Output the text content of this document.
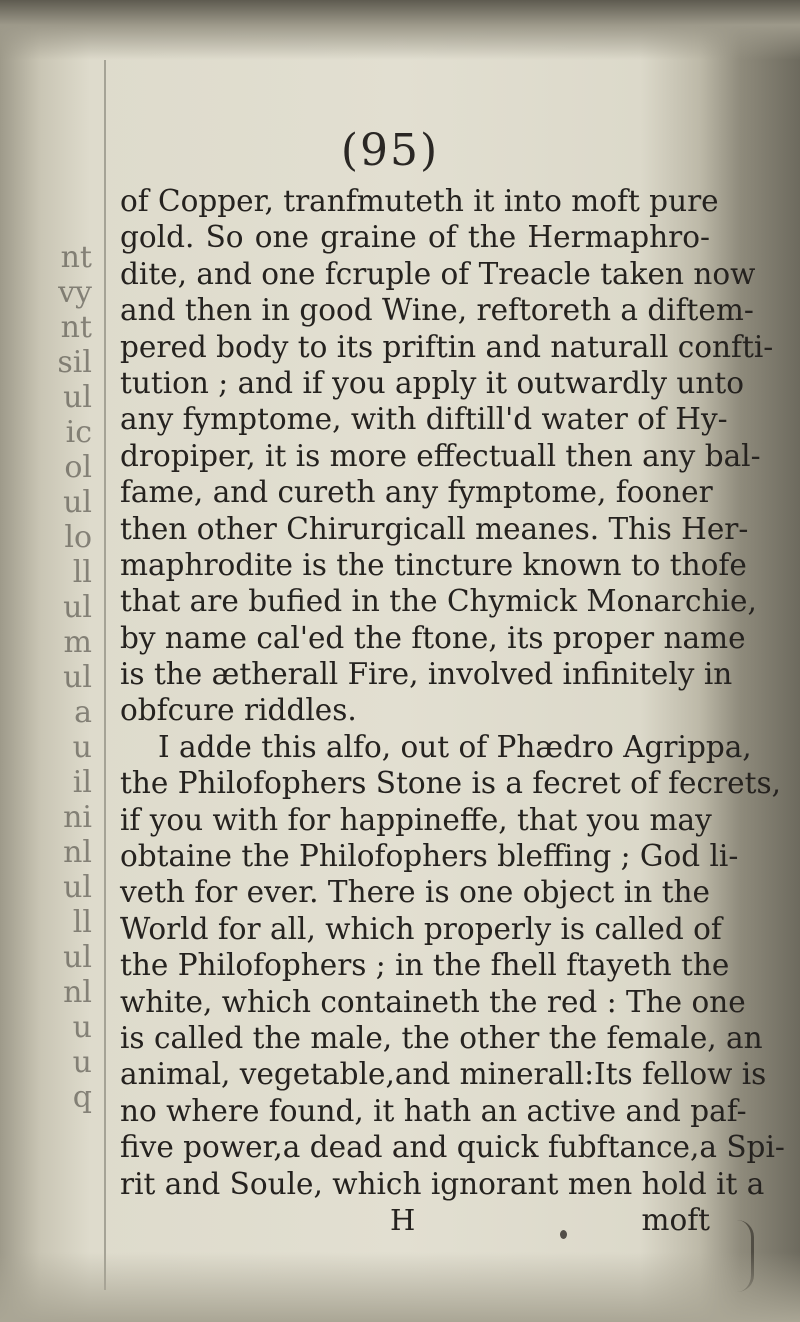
nt
vy
nt
sil
ul
ic
ol
ul
lo
ll
ul
m
ul
a
u
il
ni
nl
ul
ll
ul
nl
u
u
q
(95)
of Copper, tranfmuteth it into moft pure
gold. So one graine of the Hermaphro-
dite, and one fcruple of Treacle taken now
and then in good Wine, reftoreth a diftem-
pered body to its priftin and naturall confti-
tution ; and if you apply it outwardly unto
any fymptome, with diftill'd water of Hy-
dropiper, it is more effectuall then any bal-
fame, and cureth any fymptome, fooner
then other Chirurgicall meanes. This Her-
maphrodite is the tincture known to thofe
that are bufied in the Chymick Monarchie,
by name cal'ed the ftone, its proper name
is the ætherall Fire, involved infinitely in
obfcure riddles.
I adde this alfo, out of Phædro Agrippa,
the Philofophers Stone is a fecret of fecrets,
if you with for happineffe, that you may
obtaine the Philofophers bleffing ; God li-
veth for ever. There is one object in the
World for all, which properly is called of
the Philofophers ; in the fhell ftayeth the
white, which containeth the red : The one
is called the male, the other the female, an
animal, vegetable,and minerall:Its fellow is
no where found, it hath an active and paf-
five power,a dead and quick fubftance,a Spi-
rit and Soule, which ignorant men hold it a
H	moft
